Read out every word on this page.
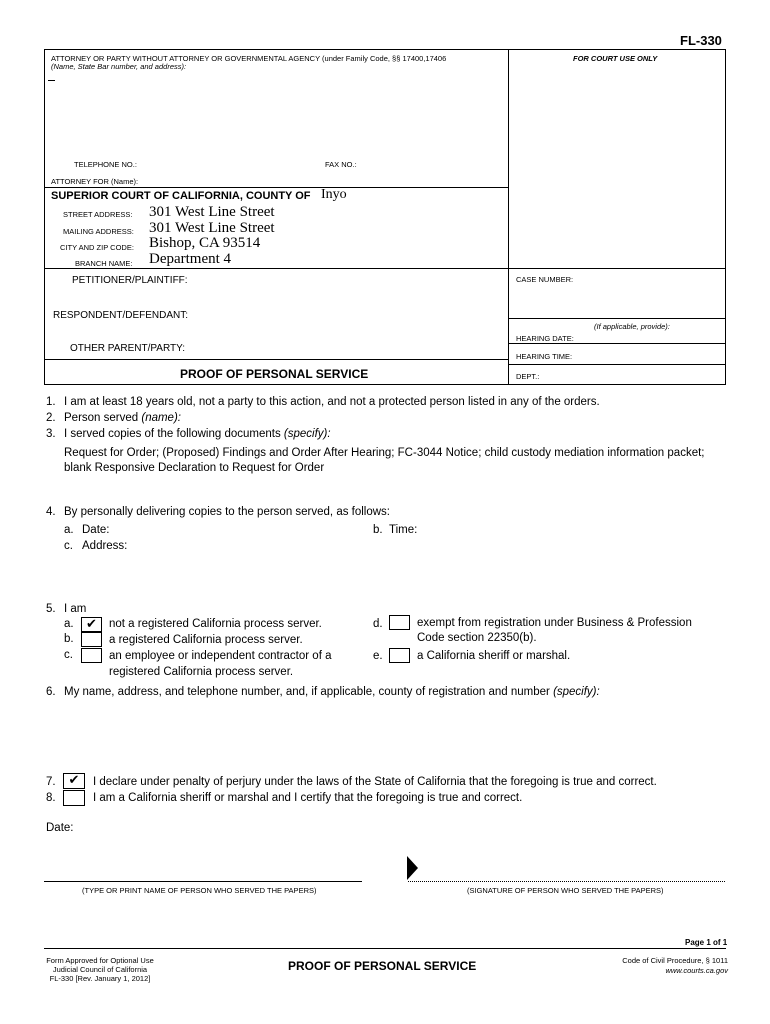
FL-330
ATTORNEY OR PARTY WITHOUT ATTORNEY OR GOVERNMENTAL AGENCY (under Family Code, §§ 17400,17406
(Name, State Bar number, and address):
FOR COURT USE ONLY
TELEPHONE NO.:	FAX NO.:
ATTORNEY FOR (Name):
SUPERIOR COURT OF CALIFORNIA, COUNTY OF Inyo
STREET ADDRESS: 301 West Line Street
MAILING ADDRESS: 301 West Line Street
CITY AND ZIP CODE: Bishop, CA 93514
BRANCH NAME: Department 4
PETITIONER/PLAINTIFF:
RESPONDENT/DEFENDANT:
OTHER PARENT/PARTY:
PROOF OF PERSONAL SERVICE
CASE NUMBER:
(If applicable, provide):
HEARING DATE:
HEARING TIME:
DEPT.:
1. I am at least 18 years old, not a party to this action, and not a protected person listed in any of the orders.
2. Person served (name):
3. I served copies of the following documents (specify):
Request for Order; (Proposed) Findings and Order After Hearing; FC-3044 Notice; child custody mediation information packet;
blank Responsive Declaration to Request for Order
4. By personally delivering copies to the person served, as follows:
a. Date:	b. Time:
c. Address:
5. I am
a. ✔	not a registered California process server.
b.	a registered California process server.
c.	an employee or independent contractor of a
registered California process server.
d.	exempt from registration under Business & Profession
Code section 22350(b).
e.	a California sheriff or marshal.
6. My name, address, and telephone number, and, if applicable, county of registration and number (specify):
7. ✔	I declare under penalty of perjury under the laws of the State of California that the foregoing is true and correct.
8.	I am a California sheriff or marshal and I certify that the foregoing is true and correct.
Date:
(TYPE OR PRINT NAME OF PERSON WHO SERVED THE PAPERS)	(SIGNATURE OF PERSON WHO SERVED THE PAPERS)
Page 1 of 1
Form Approved for Optional Use
Judicial Council of California
FL-330 [Rev. January 1, 2012]
PROOF OF PERSONAL SERVICE	Code of Civil Procedure, § 1011
www.courts.ca.gov
